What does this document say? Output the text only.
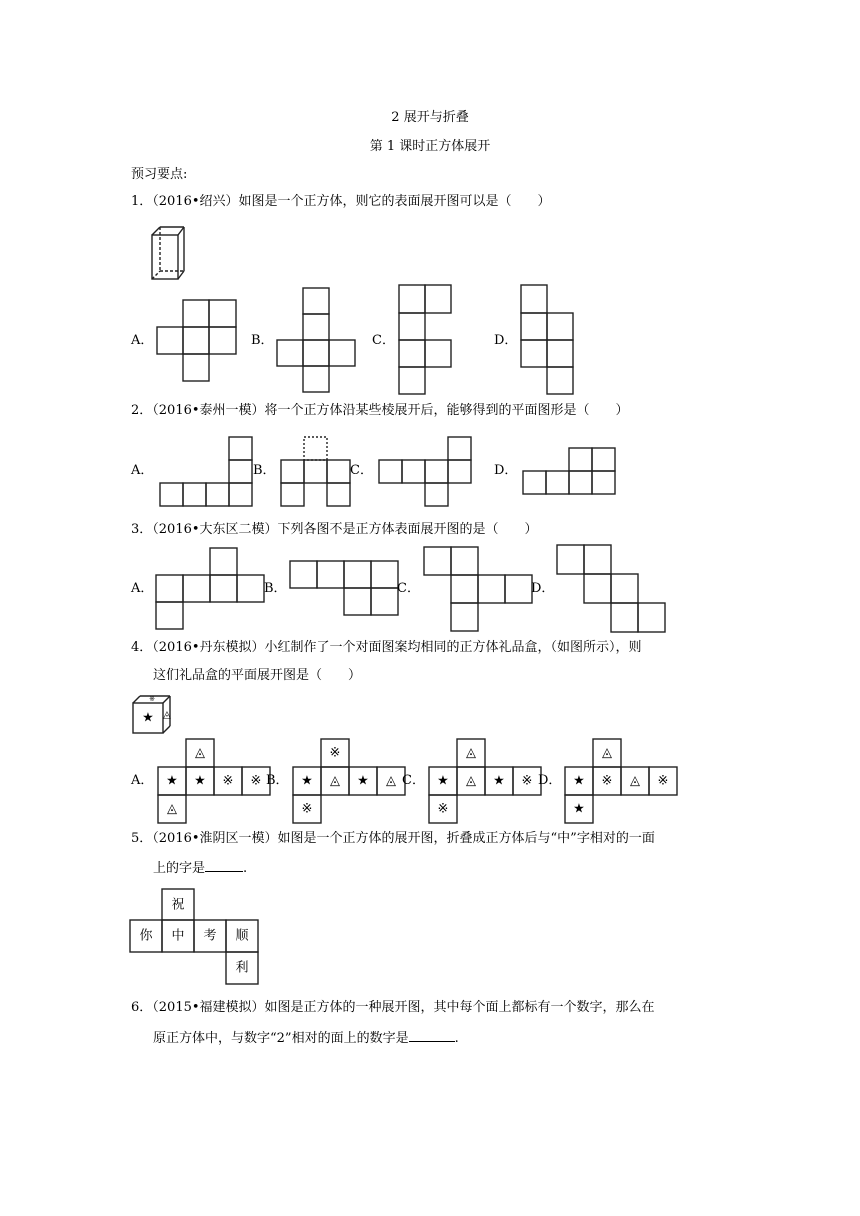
2 展开与折叠
第 1 课时正方体展开
预习要点:
1．（2016•绍兴）如图是一个正方体，则它的表面展开图可以是（　　）
A．	B．	C．	D．
2．（2016•泰州一模）将一个正方体沿某些棱展开后，能够得到的平面图形是（　　）
A．	B．	C．	D．
3．（2016•大东区二模）下列各图不是正方体表面展开图的是（　　）
A．	B．	C．	D．
4．（2016•丹东模拟）小红制作了一个对面图案均相同的正方体礼品盒，（如图所示），则
这们礼品盒的平面展开图是（　　）
★
※
◬
A．
◬
★ ★ ※ ※
◬
B．
※
★ ◬ ★ ◬
※
C．
◬
★ ◬ ★ ※
※
D．
◬
★ ※ ◬ ※
★
5．（2016•淮阴区一模）如图是一个正方体的展开图，折叠成正方体后与“中”字相对的一面
上的字是	.
祝
你 中 考 顺
利
6．（2015•福建模拟）如图是正方体的一种展开图，其中每个面上都标有一个数字，那么在
原正方体中，与数字“2”相对的面上的数字是	.
